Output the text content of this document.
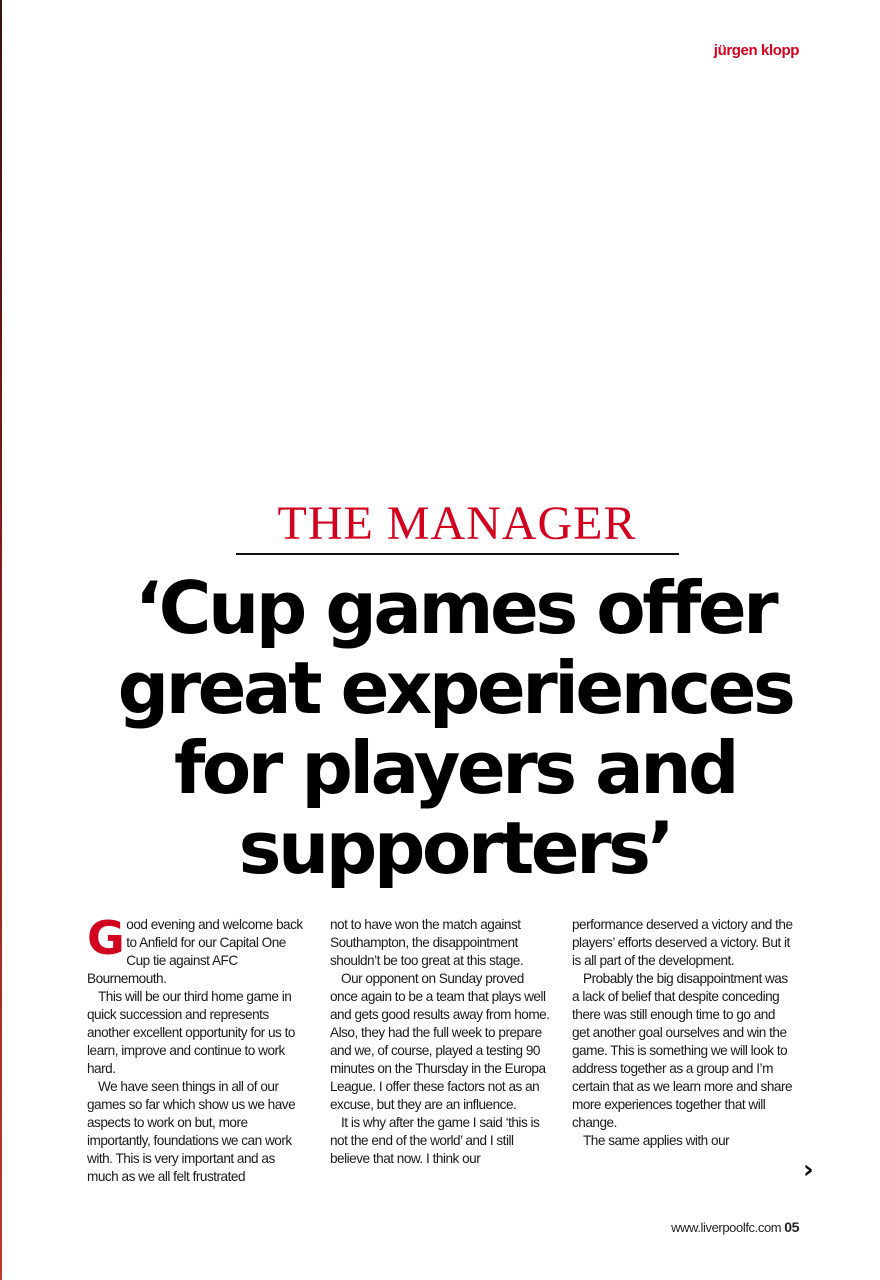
jürgen klopp
THE MANAGER
‘Cup games offer
great experiences
for players and
supporters’

Good evening and welcome back to Anfield for our Capital One Cup tie against AFC Bournemouth.

This will be our third home game in quick succession and represents another excellent opportunity for us to learn, improve and continue to work hard.

We have seen things in all of our games so far which show us we have aspects to work on but, more importantly, foundations we can work with. This is very important and as much as we all felt frustrated

not to have won the match against Southampton, the disappointment shouldn’t be too great at this stage.

Our opponent on Sunday proved once again to be a team that plays well and gets good results away from home. Also, they had the full week to prepare and we, of course, played a testing 90 minutes on the Thursday in the Europa League. I offer these factors not as an excuse, but they are an influence.

It is why after the game I said ‘this is not the end of the world’ and I still believe that now. I think our

performance deserved a victory and the players’ efforts deserved a victory. But it is all part of the development.

Probably the big disappointment was a lack of belief that despite conceding there was still enough time to go and get another goal ourselves and win the game. This is something we will look to address together as a group and I’m certain that as we learn more and share more experiences together that will change.

The same applies with our

›
www.liverpoolfc.com 05
